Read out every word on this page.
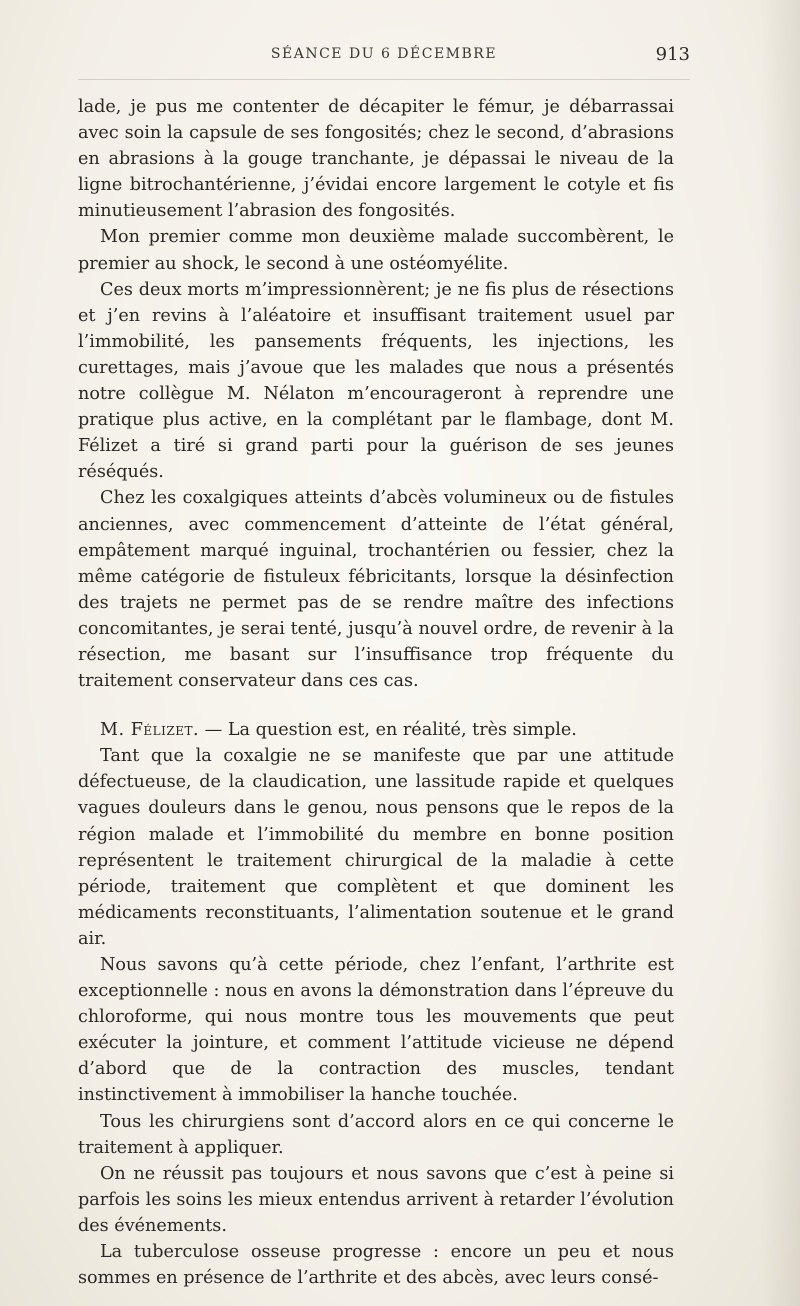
SÉANCE DU 6 DÉCEMBRE	913

lade, je pus me contenter de décapiter le fémur, je débarrassai avec soin la capsule de ses fongosités; chez le second, d’abrasions en abrasions à la gouge tranchante, je dépassai le niveau de la ligne bitrochantérienne, j’évidai encore largement le cotyle et fis minutieusement l’abrasion des fongosités.

Mon premier comme mon deuxième malade succombèrent, le premier au shock, le second à une ostéomyélite.

Ces deux morts m’impressionnèrent; je ne fis plus de résections et j’en revins à l’aléatoire et insuffisant traitement usuel par l’immobilité, les pansements fréquents, les injections, les curettages, mais j’avoue que les malades que nous a présentés notre collègue M. Nélaton m’encourageront à reprendre une pratique plus active, en la complétant par le flambage, dont M. Félizet a tiré si grand parti pour la guérison de ses jeunes réséqués.

Chez les coxalgiques atteints d’abcès volumineux ou de fistules anciennes, avec commencement d’atteinte de l’état général, empâtement marqué inguinal, trochantérien ou fessier, chez la même catégorie de fistuleux fébricitants, lorsque la désinfection des trajets ne permet pas de se rendre maître des infections concomitantes, je serai tenté, jusqu’à nouvel ordre, de revenir à la résection, me basant sur l’insuffisance trop fréquente du traitement conservateur dans ces cas.

M. Félizet. — La question est, en réalité, très simple.

Tant que la coxalgie ne se manifeste que par une attitude défectueuse, de la claudication, une lassitude rapide et quelques vagues douleurs dans le genou, nous pensons que le repos de la région malade et l’immobilité du membre en bonne position représentent le traitement chirurgical de la maladie à cette période, traitement que complètent et que dominent les médicaments reconstituants, l’alimentation soutenue et le grand air.

Nous savons qu’à cette période, chez l’enfant, l’arthrite est exceptionnelle : nous en avons la démonstration dans l’épreuve du chloroforme, qui nous montre tous les mouvements que peut exécuter la jointure, et comment l’attitude vicieuse ne dépend d’abord que de la contraction des muscles, tendant instinctivement à immobiliser la hanche touchée.

Tous les chirurgiens sont d’accord alors en ce qui concerne le traitement à appliquer.

On ne réussit pas toujours et nous savons que c’est à peine si parfois les soins les mieux entendus arrivent à retarder l’évolution des événements.

La tuberculose osseuse progresse : encore un peu et nous sommes en présence de l’arthrite et des abcès, avec leurs consé-
